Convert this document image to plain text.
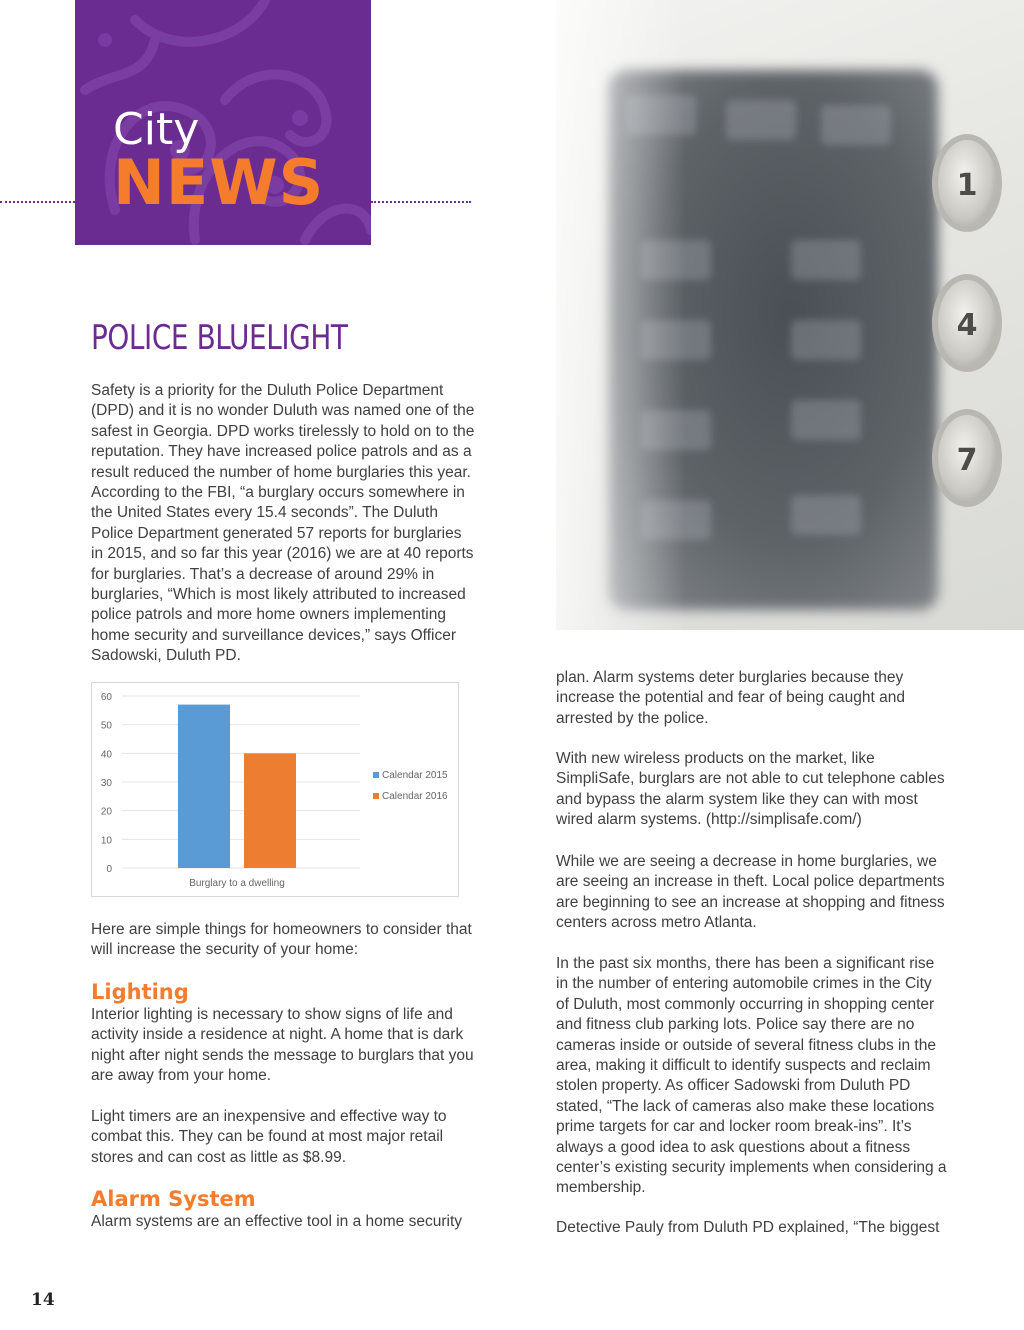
City
NEWS	1
4
7
POLICE BLUELIGHT

Safety is a priority for the Duluth Police Department (DPD) and it is no wonder Duluth was named one of the safest in Georgia. DPD works tirelessly to hold on to the reputation. They have increased police patrols and as a result reduced the number of home burglaries this year. According to the FBI, “a burglary occurs somewhere in the United States every 15.4 seconds”. The Duluth Police Department generated 57 reports for burglaries in 2015, and so far this year (2016) we are at 40 reports for burglaries. That’s a decrease of around 29% in burglaries, “Which is most likely attributed to increased police patrols and more home owners implementing home security and surveillance devices,” says Officer Sadowski, Duluth PD.

0
10
20
30
40
50
60
Burglary to a dwelling
Calendar 2015
Calendar 2016

Here are simple things for homeowners to consider that will increase the security of your home:

Lighting

Interior lighting is necessary to show signs of life and activity inside a residence at night. A home that is dark night after night sends the message to burglars that you are away from your home.

Light timers are an inexpensive and effective way to combat this. They can be found at most major retail stores and can cost as little as $8.99.

Alarm System

Alarm systems are an effective tool in a home security

plan. Alarm systems deter burglaries because they increase the potential and fear of being caught and arrested by the police.

With new wireless products on the market, like SimpliSafe, burglars are not able to cut telephone cables and bypass the alarm system like they can with most wired alarm systems. (http://simplisafe.com/)

While we are seeing a decrease in home burglaries, we are seeing an increase in theft. Local police departments are beginning to see an increase at shopping and fitness centers across metro Atlanta.

In the past six months, there has been a significant rise in the number of entering automobile crimes in the City of Duluth, most commonly occurring in shopping center and fitness club parking lots. Police say there are no cameras inside or outside of several fitness clubs in the area, making it difficult to identify suspects and reclaim stolen property. As officer Sadowski from Duluth PD stated, “The lack of cameras also make these locations prime targets for car and locker room break-ins”. It’s always a good idea to ask questions about a fitness center’s existing security implements when considering a membership.

Detective Pauly from Duluth PD explained, “The biggest

14
